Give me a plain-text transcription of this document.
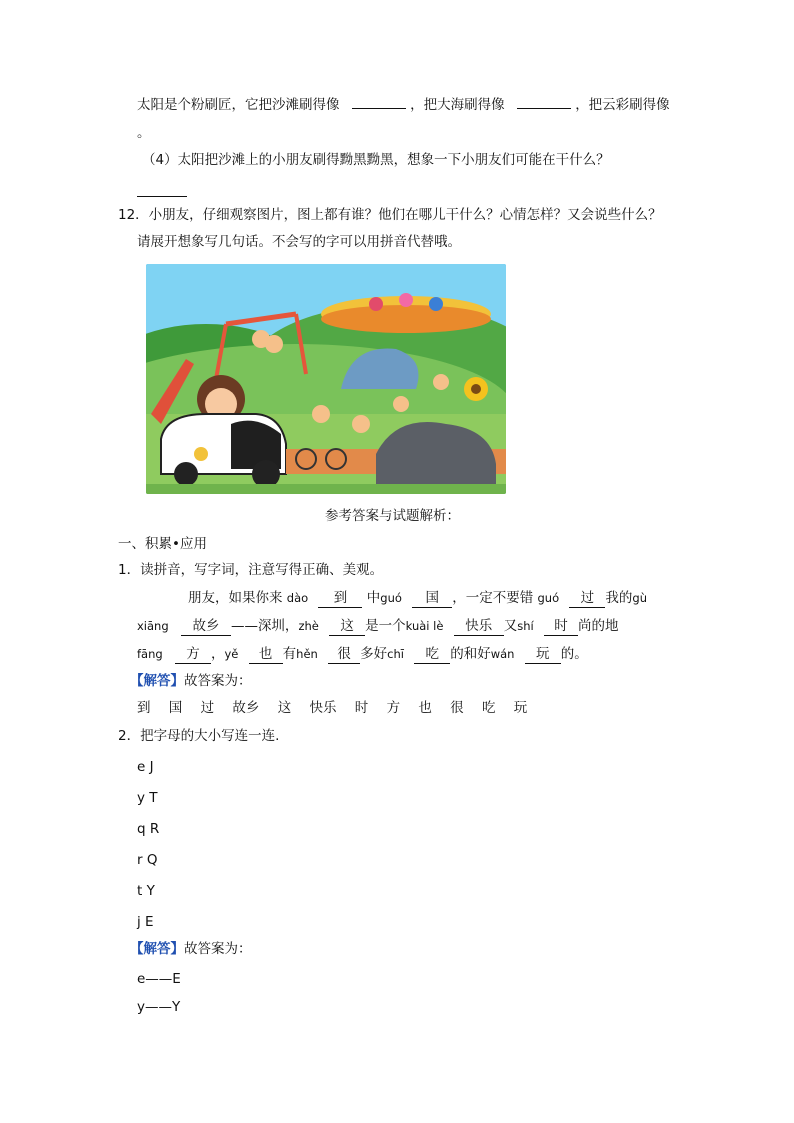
太阳是个粉刷匠，它把沙滩刷得像	，把大海刷得像	，把云彩刷得像
。
（4）太阳把沙滩上的小朋友刷得黝黑黝黑，想象一下小朋友们可能在干什么？
12．小朋友，仔细观察图片，图上都有谁？他们在哪儿干什么？心情怎样？又会说些什么？
请展开想象写几句话。不会写的字可以用拼音代替哦。
参考答案与试题解析：
一、积累•应用
1．读拼音，写字词，注意写得正确、美观。
朋友，如果你来 dào 到 中guó 国 ，一定不要错 guó 过 我的gù
xiāng 故乡 ——深圳，zhè 这 是一个kuài lè 快乐 又shí 时 尚的地
fāng 方 ，yě 也 有hěn 很 多好chī 吃 的和好wán 玩 的。
【解答】故答案为：
到 国 过 故乡 这 快乐 时 方 也 很 吃 玩
2．把字母的大小写连一连.
e J
y T
q R
r Q
t Y
j E
【解答】故答案为：
e——E
y——Y
